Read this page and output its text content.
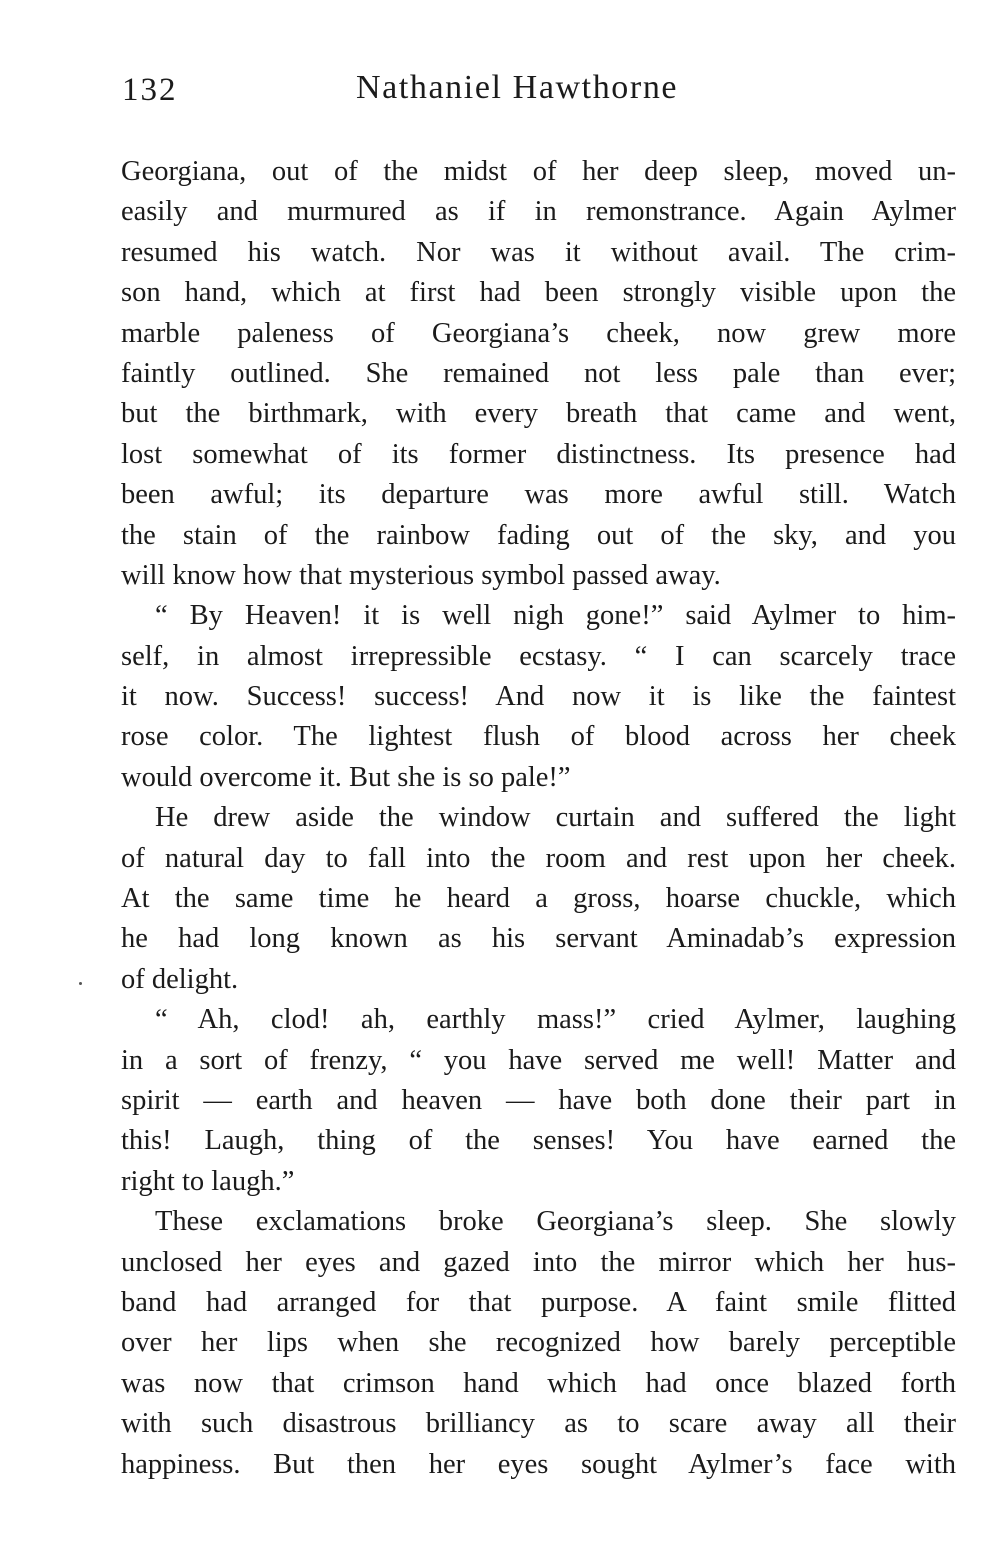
132	Nathaniel Hawthorne
Georgiana, out of the midst of her deep sleep, moved un-
easily and murmured as if in remonstrance. Again Aylmer
resumed his watch. Nor was it without avail. The crim-
son hand, which at first had been strongly visible upon the
marble paleness of Georgiana’s cheek, now grew more
faintly outlined. She remained not less pale than ever;
but the birthmark, with every breath that came and went,
lost somewhat of its former distinctness. Its presence had
been awful; its departure was more awful still. Watch
the stain of the rainbow fading out of the sky, and you
will know how that mysterious symbol passed away.
“ By Heaven! it is well nigh gone!” said Aylmer to him-
self, in almost irrepressible ecstasy. “ I can scarcely trace
it now. Success! success! And now it is like the faintest
rose color. The lightest flush of blood across her cheek
would overcome it. But she is so pale!”
He drew aside the window curtain and suffered the light
of natural day to fall into the room and rest upon her cheek.
At the same time he heard a gross, hoarse chuckle, which
he had long known as his servant Aminadab’s expression
of delight.
“ Ah, clod! ah, earthly mass!” cried Aylmer, laughing
in a sort of frenzy, “ you have served me well! Matter and
spirit — earth and heaven — have both done their part in
this! Laugh, thing of the senses! You have earned the
right to laugh.”
These exclamations broke Georgiana’s sleep. She slowly
unclosed her eyes and gazed into the mirror which her hus-
band had arranged for that purpose. A faint smile flitted
over her lips when she recognized how barely perceptible
was now that crimson hand which had once blazed forth
with such disastrous brilliancy as to scare away all their
happiness. But then her eyes sought Aylmer’s face with
